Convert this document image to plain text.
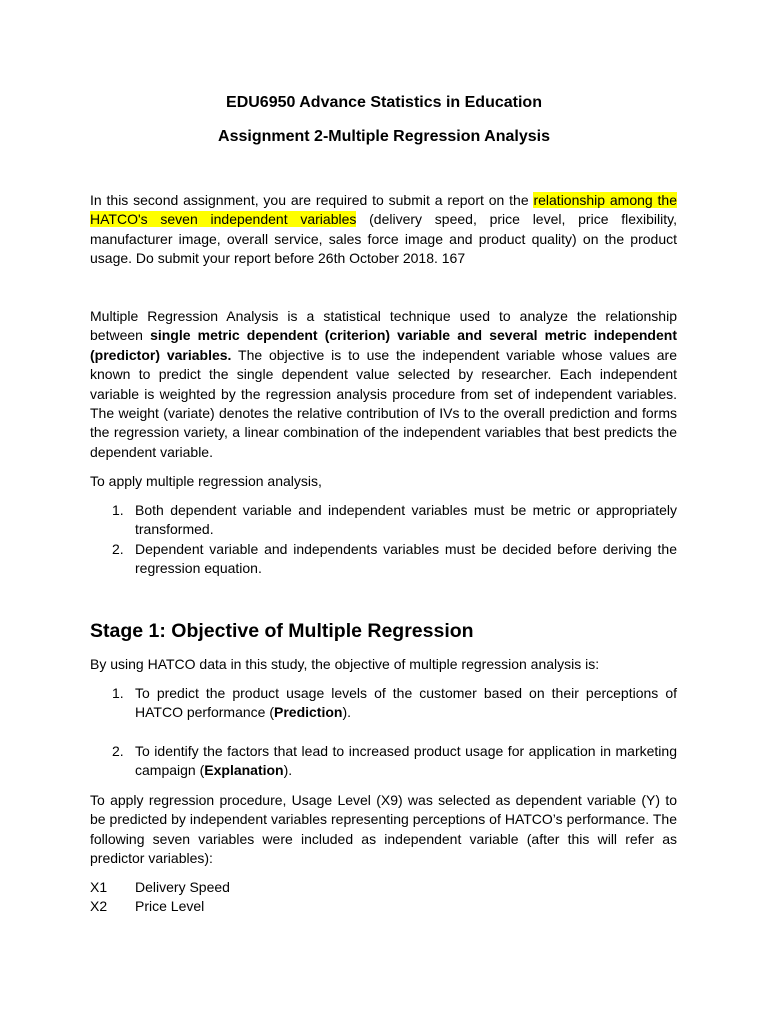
EDU6950 Advance Statistics in Education
Assignment 2-Multiple Regression Analysis
In this second assignment, you are required to submit a report on the relationship among the HATCO's seven independent variables (delivery speed, price level, price flexibility, manufacturer image, overall service, sales force image and product quality) on the product usage. Do submit your report before 26th October 2018. 167
Multiple Regression Analysis is a statistical technique used to analyze the relationship between single metric dependent (criterion) variable and several metric independent (predictor) variables. The objective is to use the independent variable whose values are known to predict the single dependent value selected by researcher. Each independent variable is weighted by the regression analysis procedure from set of independent variables. The weight (variate) denotes the relative contribution of IVs to the overall prediction and forms the regression variety, a linear combination of the independent variables that best predicts the dependent variable.
To apply multiple regression analysis,
1. Both dependent variable and independent variables must be metric or appropriately transformed.
2. Dependent variable and independents variables must be decided before deriving the regression equation.
Stage 1: Objective of Multiple Regression
By using HATCO data in this study, the objective of multiple regression analysis is:
1. To predict the product usage levels of the customer based on their perceptions of HATCO performance (Prediction).
2. To identify the factors that lead to increased product usage for application in marketing campaign (Explanation).
To apply regression procedure, Usage Level (X9) was selected as dependent variable (Y) to be predicted by independent variables representing perceptions of HATCO’s performance. The following seven variables were included as independent variable (after this will refer as predictor variables):
X1 Delivery Speed
X2 Price Level
